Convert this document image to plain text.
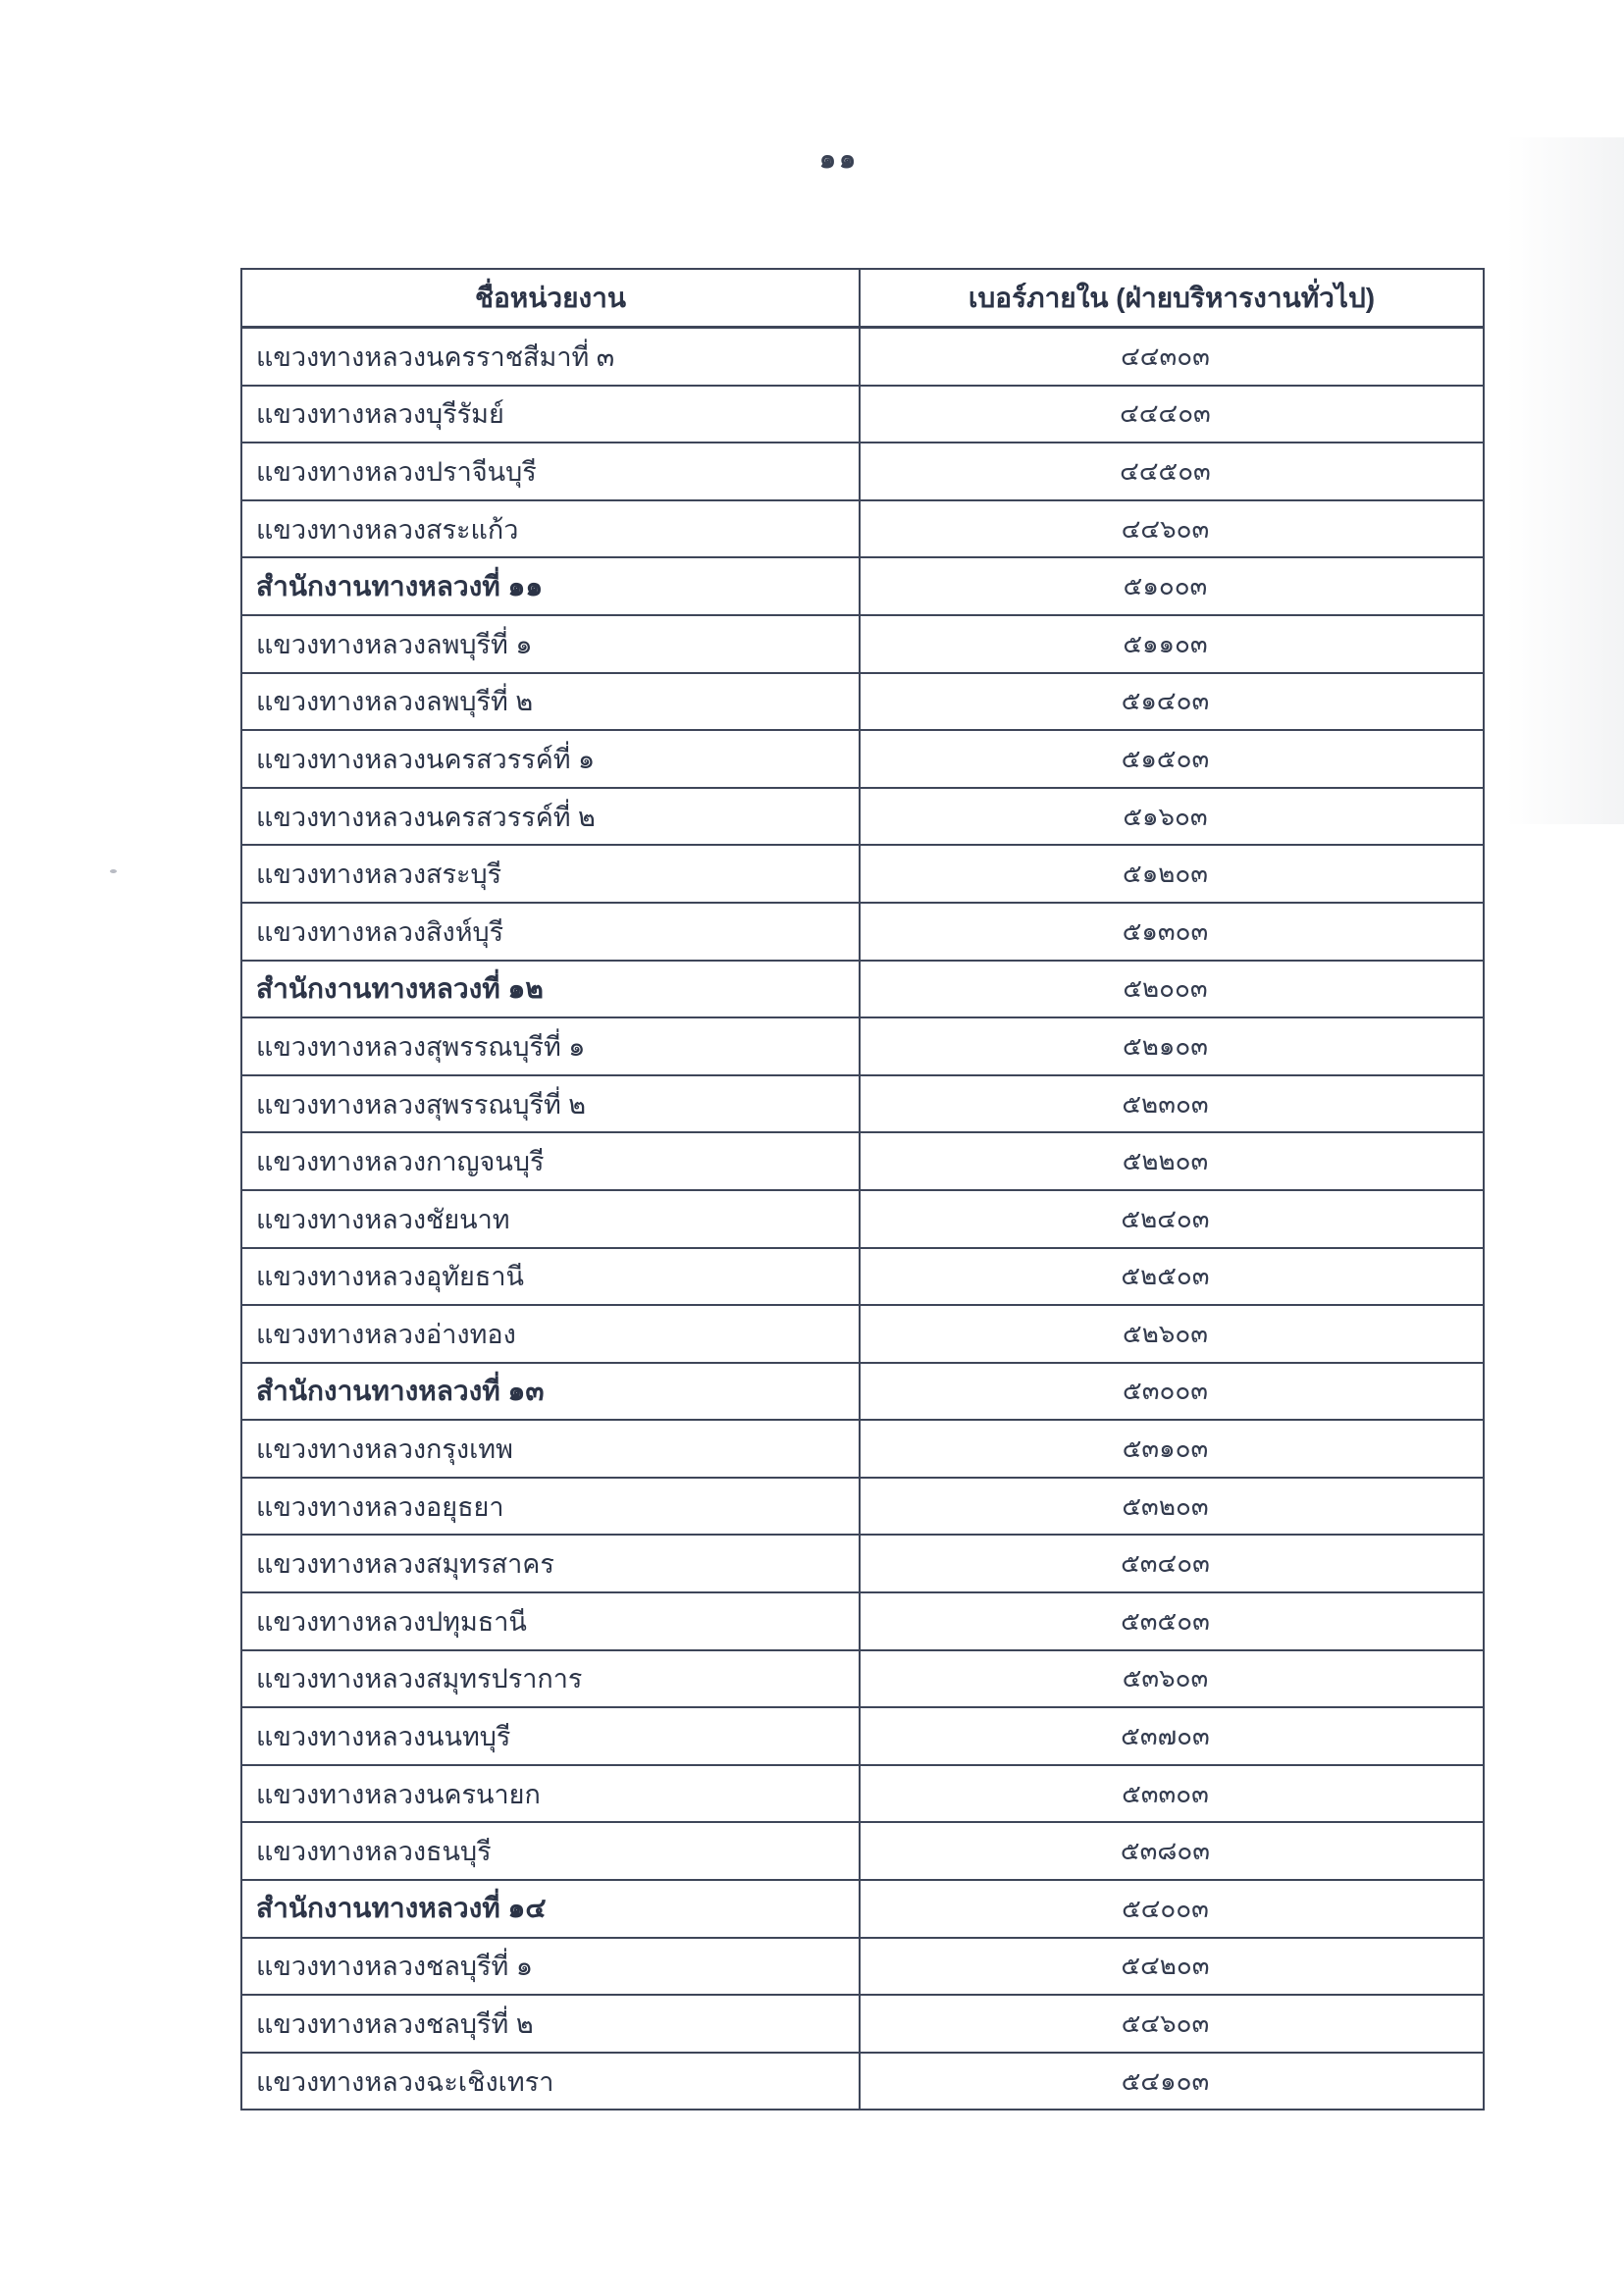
๑๑
ชื่อหน่วยงาน	เบอร์ภายใน (ฝ่ายบริหารงานทั่วไป)
แขวงทางหลวงนครราชสีมาที่ ๓	๔๔๓๐๓
แขวงทางหลวงบุรีรัมย์	๔๔๔๐๓
แขวงทางหลวงปราจีนบุรี	๔๔๕๐๓
แขวงทางหลวงสระแก้ว	๔๔๖๐๓
สำนักงานทางหลวงที่ ๑๑	๕๑๐๐๓
แขวงทางหลวงลพบุรีที่ ๑	๕๑๑๐๓
แขวงทางหลวงลพบุรีที่ ๒	๕๑๔๐๓
แขวงทางหลวงนครสวรรค์ที่ ๑	๕๑๕๐๓
แขวงทางหลวงนครสวรรค์ที่ ๒	๕๑๖๐๓
แขวงทางหลวงสระบุรี	๕๑๒๐๓
แขวงทางหลวงสิงห์บุรี	๕๑๓๐๓
สำนักงานทางหลวงที่ ๑๒	๕๒๐๐๓
แขวงทางหลวงสุพรรณบุรีที่ ๑	๕๒๑๐๓
แขวงทางหลวงสุพรรณบุรีที่ ๒	๕๒๓๐๓
แขวงทางหลวงกาญจนบุรี	๕๒๒๐๓
แขวงทางหลวงชัยนาท	๕๒๔๐๓
แขวงทางหลวงอุทัยธานี	๕๒๕๐๓
แขวงทางหลวงอ่างทอง	๕๒๖๐๓
สำนักงานทางหลวงที่ ๑๓	๕๓๐๐๓
แขวงทางหลวงกรุงเทพ	๕๓๑๐๓
แขวงทางหลวงอยุธยา	๕๓๒๐๓
แขวงทางหลวงสมุทรสาคร	๕๓๔๐๓
แขวงทางหลวงปทุมธานี	๕๓๕๐๓
แขวงทางหลวงสมุทรปราการ	๕๓๖๐๓
แขวงทางหลวงนนทบุรี	๕๓๗๐๓
แขวงทางหลวงนครนายก	๕๓๓๐๓
แขวงทางหลวงธนบุรี	๕๓๘๐๓
สำนักงานทางหลวงที่ ๑๔	๕๔๐๐๓
แขวงทางหลวงชลบุรีที่ ๑	๕๔๒๐๓
แขวงทางหลวงชลบุรีที่ ๒	๕๔๖๐๓
แขวงทางหลวงฉะเชิงเทรา	๕๔๑๐๓
